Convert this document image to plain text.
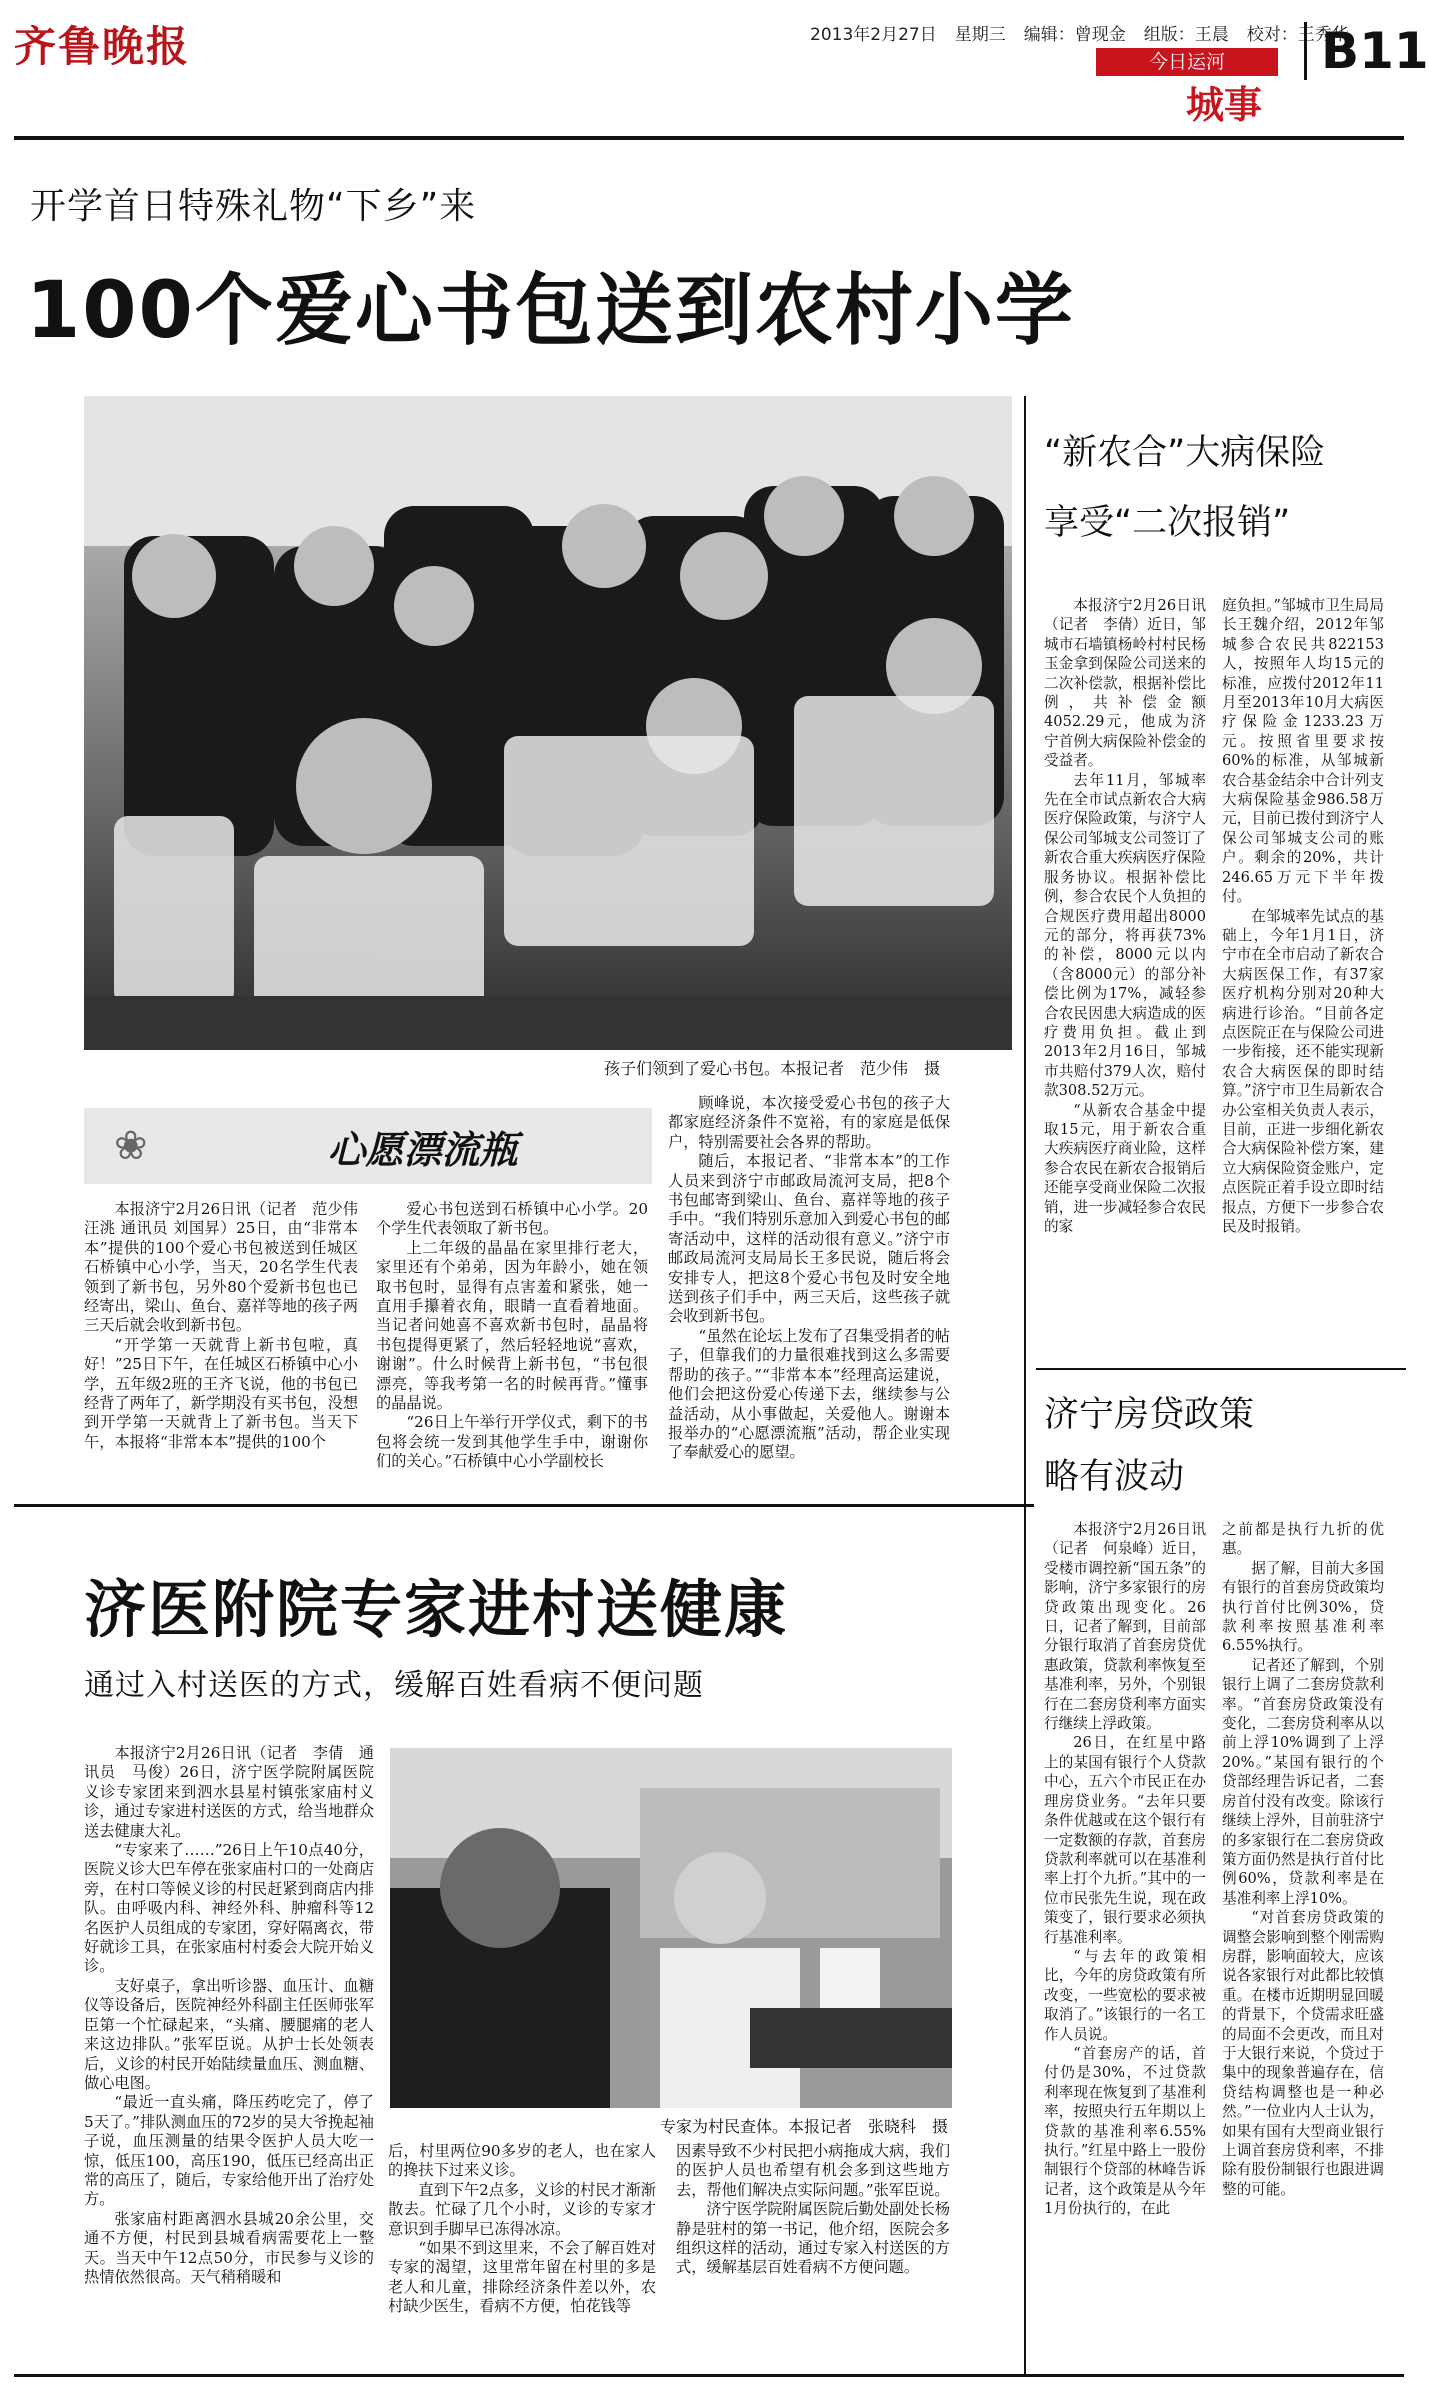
齐鲁晚报	2013年2月27日 星期三 编辑：曾现金 组版：王晨 校对：王秀华
今日运河
城事
B11
开学首日特殊礼物“下乡”来
100个爱心书包送到农村小学
孩子们领到了爱心书包。本报记者　范少伟　摄
❀	心愿漂流瓶

本报济宁2月26日讯（记者　范少伟 汪洮 通讯员 刘国昇）25日，由“非常本本”提供的100个爱心书包被送到任城区石桥镇中心小学，当天，20名学生代表领到了新书包，另外80个爱新书包也已经寄出，梁山、鱼台、嘉祥等地的孩子两三天后就会收到新书包。

“开学第一天就背上新书包啦，真好！”25日下午，在任城区石桥镇中心小学，五年级2班的王齐飞说，他的书包已经背了两年了，新学期没有买书包，没想到开学第一天就背上了新书包。当天下午，本报将“非常本本”提供的100个

爱心书包送到石桥镇中心小学。20个学生代表领取了新书包。

上二年级的晶晶在家里排行老大，家里还有个弟弟，因为年龄小，她在领取书包时，显得有点害羞和紧张，她一直用手攥着衣角，眼睛一直看着地面。当记者问她喜不喜欢新书包时，晶晶将书包提得更紧了，然后轻轻地说“喜欢，谢谢”。什么时候背上新书包，“书包很漂亮，等我考第一名的时候再背。”懂事的晶晶说。

“26日上午举行开学仪式，剩下的书包将会统一发到其他学生手中，谢谢你们的关心。”石桥镇中心小学副校长

顾峰说，本次接受爱心书包的孩子大都家庭经济条件不宽裕，有的家庭是低保户，特别需要社会各界的帮助。

随后，本报记者、“非常本本”的工作人员来到济宁市邮政局流河支局，把8个书包邮寄到梁山、鱼台、嘉祥等地的孩子手中。“我们特别乐意加入到爱心书包的邮寄活动中，这样的活动很有意义。”济宁市邮政局流河支局局长王多民说，随后将会安排专人，把这8个爱心书包及时安全地送到孩子们手中，两三天后，这些孩子就会收到新书包。

“虽然在论坛上发布了召集受捐者的帖子，但靠我们的力量很难找到这么多需要帮助的孩子。”“非常本本”经理高运建说，他们会把这份爱心传递下去，继续参与公益活动，从小事做起，关爱他人。谢谢本报举办的“心愿漂流瓶”活动，帮企业实现了奉献爱心的愿望。

济医附院专家进村送健康
通过入村送医的方式，缓解百姓看病不便问题

本报济宁2月26日讯（记者　李倩　通讯员　马俊）26日，济宁医学院附属医院义诊专家团来到泗水县星村镇张家庙村义诊，通过专家进村送医的方式，给当地群众送去健康大礼。

“专家来了……”26日上午10点40分，医院义诊大巴车停在张家庙村口的一处商店旁，在村口等候义诊的村民赶紧到商店内排队。由呼吸内科、神经外科、肿瘤科等12名医护人员组成的专家团，穿好隔离衣，带好就诊工具，在张家庙村村委会大院开始义诊。

支好桌子，拿出听诊器、血压计、血糖仪等设备后，医院神经外科副主任医师张军臣第一个忙碌起来，“头痛、腰腿痛的老人来这边排队。”张军臣说。从护士长处领表后，义诊的村民开始陆续量血压、测血糖、做心电图。

“最近一直头痛，降压药吃完了，停了5天了。”排队测血压的72岁的吴大爷挽起袖子说，血压测量的结果令医护人员大吃一惊，低压100，高压190，低压已经高出正常的高压了，随后，专家给他开出了治疗处方。

张家庙村距离泗水县城20余公里，交通不方便，村民到县城看病需要花上一整天。当天中午12点50分，市民参与义诊的热情依然很高。天气稍稍暖和

专家为村民查体。本报记者　张晓科　摄

后，村里两位90多岁的老人，也在家人的搀扶下过来义诊。

直到下午2点多，义诊的村民才渐渐散去。忙碌了几个小时，义诊的专家才意识到手脚早已冻得冰凉。

“如果不到这里来，不会了解百姓对专家的渴望，这里常年留在村里的多是老人和儿童，排除经济条件差以外，农村缺少医生，看病不方便，怕花钱等

因素导致不少村民把小病拖成大病，我们的医护人员也希望有机会多到这些地方去，帮他们解决点实际问题。”张军臣说。

济宁医学院附属医院后勤处副处长杨静是驻村的第一书记，他介绍，医院会多组织这样的活动，通过专家入村送医的方式，缓解基层百姓看病不方便问题。

“新农合”大病保险
享受“二次报销”

本报济宁2月26日讯（记者　李倩）近日，邹城市石墙镇杨岭村村民杨玉金拿到保险公司送来的二次补偿款，根据补偿比例，共补偿金额4052.29元，他成为济宁首例大病保险补偿金的受益者。

去年11月，邹城率先在全市试点新农合大病医疗保险政策，与济宁人保公司邹城支公司签订了新农合重大疾病医疗保险服务协议。根据补偿比例，参合农民个人负担的合规医疗费用超出8000元的部分，将再获73%的补偿，8000元以内（含8000元）的部分补偿比例为17%，减轻参合农民因患大病造成的医疗费用负担。截止到2013年2月16日，邹城市共赔付379人次，赔付款308.52万元。

“从新农合基金中提取15元，用于新农合重大疾病医疗商业险，这样参合农民在新农合报销后还能享受商业保险二次报销，进一步减轻参合农民的家

庭负担。”邹城市卫生局局长王魏介绍，2012年邹城参合农民共822153人，按照年人均15元的标准，应拨付2012年11月至2013年10月大病医疗保险金1233.23万元。按照省里要求按60%的标准，从邹城新农合基金结余中合计列支大病保险基金986.58万元，目前已拨付到济宁人保公司邹城支公司的账户。剩余的20%，共计246.65万元下半年拨付。

在邹城率先试点的基础上，今年1月1日，济宁市在全市启动了新农合大病医保工作，有37家医疗机构分别对20种大病进行诊治。“目前各定点医院正在与保险公司进一步衔接，还不能实现新农合大病医保的即时结算。”济宁市卫生局新农合办公室相关负责人表示，目前，正进一步细化新农合大病保险补偿方案，建立大病保险资金账户，定点医院正着手设立即时结报点，方便下一步参合农民及时报销。

济宁房贷政策
略有波动

本报济宁2月26日讯（记者　何泉峰）近日，受楼市调控新“国五条”的影响，济宁多家银行的房贷政策出现变化。26日，记者了解到，目前部分银行取消了首套房贷优惠政策，贷款利率恢复至基准利率，另外，个别银行在二套房贷利率方面实行继续上浮政策。

26日，在红星中路上的某国有银行个人贷款中心，五六个市民正在办理房贷业务。“去年只要条件优越或在这个银行有一定数额的存款，首套房贷款利率就可以在基准利率上打个九折。”其中的一位市民张先生说，现在政策变了，银行要求必须执行基准利率。

“与去年的政策相比，今年的房贷政策有所改变，一些宽松的要求被取消了。”该银行的一名工作人员说。

“首套房产的话，首付仍是30%，不过贷款利率现在恢复到了基准利率，按照央行五年期以上贷款的基准利率6.55%执行。”红星中路上一股份制银行个贷部的林峰告诉记者，这个政策是从今年1月份执行的，在此

之前都是执行九折的优惠。

据了解，目前大多国有银行的首套房贷政策均执行首付比例30%，贷款利率按照基准利率6.55%执行。

记者还了解到，个别银行上调了二套房贷款利率。“首套房贷政策没有变化，二套房贷利率从以前上浮10%调到了上浮20%。”某国有银行的个贷部经理告诉记者，二套房首付没有改变。除该行继续上浮外，目前驻济宁的多家银行在二套房贷政策方面仍然是执行首付比例60%，贷款利率是在基准利率上浮10%。

“对首套房贷政策的调整会影响到整个刚需购房群，影响面较大，应该说各家银行对此都比较慎重。在楼市近期明显回暖的背景下，个贷需求旺盛的局面不会更改，而且对于大银行来说，个贷过于集中的现象普遍存在，信贷结构调整也是一种必然。”一位业内人士认为，如果有国有大型商业银行上调首套房贷利率，不排除有股份制银行也跟进调整的可能。
